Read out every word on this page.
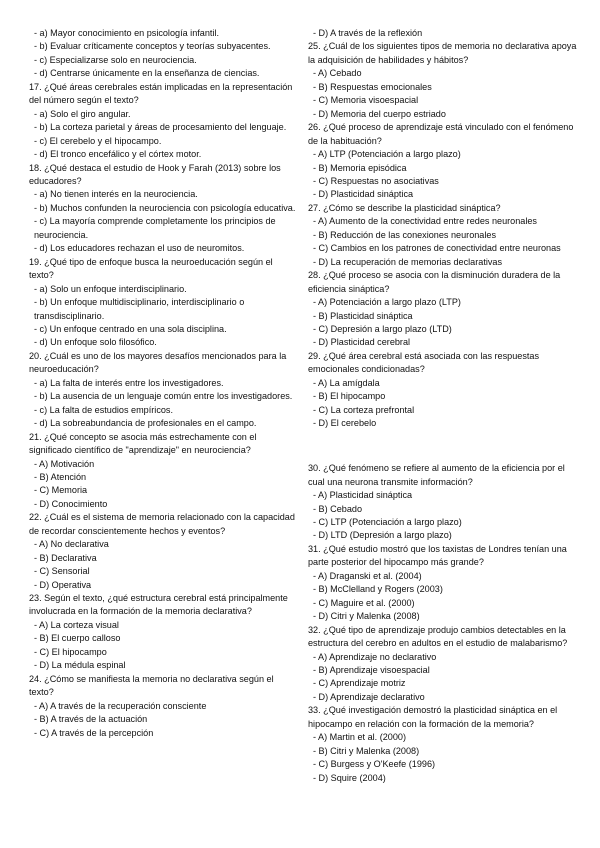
- a) Mayor conocimiento en psicología infantil.

- b) Evaluar críticamente conceptos y teorías subyacentes.

- c) Especializarse solo en neurociencia.

- d) Centrarse únicamente en la enseñanza de ciencias.

17. ¿Qué áreas cerebrales están implicadas en la representación del número según el texto?

- a) Solo el giro angular.

- b) La corteza parietal y áreas de procesamiento del lenguaje.

- c) El cerebelo y el hipocampo.

- d) El tronco encefálico y el córtex motor.

18. ¿Qué destaca el estudio de Hook y Farah (2013) sobre los educadores?

- a) No tienen interés en la neurociencia.

- b) Muchos confunden la neurociencia con psicología educativa.

- c) La mayoría comprende completamente los principios de neurociencia.

- d) Los educadores rechazan el uso de neuromitos.

19. ¿Qué tipo de enfoque busca la neuroeducación según el texto?

- a) Solo un enfoque interdisciplinario.

- b) Un enfoque multidisciplinario, interdisciplinario o transdisciplinario.

- c) Un enfoque centrado en una sola disciplina.

- d) Un enfoque solo filosófico.

20. ¿Cuál es uno de los mayores desafíos mencionados para la neuroeducación?

- a) La falta de interés entre los investigadores.

- b) La ausencia de un lenguaje común entre los investigadores.

- c) La falta de estudios empíricos.

- d) La sobreabundancia de profesionales en el campo.

21. ¿Qué concepto se asocia más estrechamente con el significado científico de "aprendizaje" en neurociencia?

- A) Motivación

- B) Atención

- C) Memoria

- D) Conocimiento

22. ¿Cuál es el sistema de memoria relacionado con la capacidad de recordar conscientemente hechos y eventos?

- A) No declarativa

- B) Declarativa

- C) Sensorial

- D) Operativa

23. Según el texto, ¿qué estructura cerebral está principalmente involucrada en la formación de la memoria declarativa?

- A) La corteza visual

- B) El cuerpo calloso

- C) El hipocampo

- D) La médula espinal

24. ¿Cómo se manifiesta la memoria no declarativa según el texto?

- A) A través de la recuperación consciente

- B) A través de la actuación

- C) A través de la percepción

- D) A través de la reflexión

25. ¿Cuál de los siguientes tipos de memoria no declarativa apoya la adquisición de habilidades y hábitos?

- A) Cebado

- B) Respuestas emocionales

- C) Memoria visoespacial

- D) Memoria del cuerpo estriado

26. ¿Qué proceso de aprendizaje está vinculado con el fenómeno de la habituación?

- A) LTP (Potenciación a largo plazo)

- B) Memoria episódica

- C) Respuestas no asociativas

- D) Plasticidad sináptica

27. ¿Cómo se describe la plasticidad sináptica?

- A) Aumento de la conectividad entre redes neuronales

- B) Reducción de las conexiones neuronales

- C) Cambios en los patrones de conectividad entre neuronas

- D) La recuperación de memorias declarativas

28. ¿Qué proceso se asocia con la disminución duradera de la eficiencia sináptica?

- A) Potenciación a largo plazo (LTP)

- B) Plasticidad sináptica

- C) Depresión a largo plazo (LTD)

- D) Plasticidad cerebral

29. ¿Qué área cerebral está asociada con las respuestas emocionales condicionadas?

- A) La amígdala

- B) El hipocampo

- C) La corteza prefrontal

- D) El cerebelo

30. ¿Qué fenómeno se refiere al aumento de la eficiencia por el cual una neurona transmite información?

- A) Plasticidad sináptica

- B) Cebado

- C) LTP (Potenciación a largo plazo)

- D) LTD (Depresión a largo plazo)

31. ¿Qué estudio mostró que los taxistas de Londres tenían una parte posterior del hipocampo más grande?

- A) Draganski et al. (2004)

- B) McClelland y Rogers (2003)

- C) Maguire et al. (2000)

- D) Citri y Malenka (2008)

32. ¿Qué tipo de aprendizaje produjo cambios detectables en la estructura del cerebro en adultos en el estudio de malabarismo?

- A) Aprendizaje no declarativo

- B) Aprendizaje visoespacial

- C) Aprendizaje motriz

- D) Aprendizaje declarativo

33. ¿Qué investigación demostró la plasticidad sináptica en el hipocampo en relación con la formación de la memoria?

- A) Martin et al. (2000)

- B) Citri y Malenka (2008)

- C) Burgess y O'Keefe (1996)

- D) Squire (2004)
